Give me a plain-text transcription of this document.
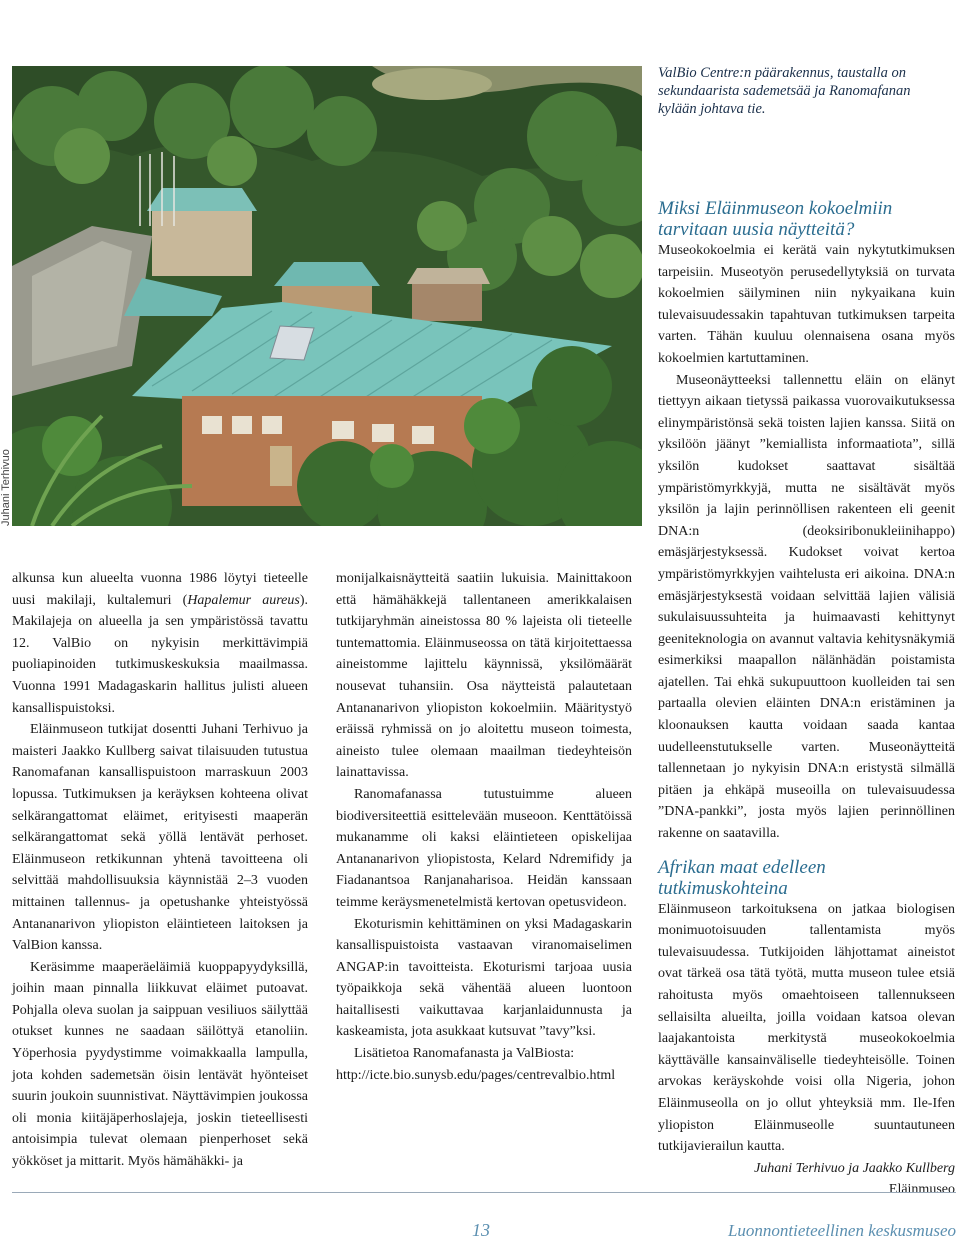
Juhani Terhivuo
ValBio Centre:n päärakennus, taustalla on sekundaarista sademetsää ja Ranomafanan kylään johtava tie.

alkunsa kun alueelta vuonna 1986 löytyi tieteelle uusi makilaji, kultalemuri (Hapalemur aureus). Makilajeja on alueella ja sen ympäristössä tavattu 12. ValBio on nykyisin merkittävimpiä puoliapinoiden tutkimuskeskuksia maailmassa. Vuonna 1991 Madagaskarin hallitus julisti alueen kansallispuistoksi.

Eläinmuseon tutkijat dosentti Juhani Terhivuo ja maisteri Jaakko Kullberg saivat tilaisuuden tutustua Ranomafanan kansallispuistoon marraskuun 2003 lopussa. Tutkimuksen ja keräyksen kohteena olivat selkärangattomat eläimet, erityisesti maaperän selkärangattomat sekä yöllä lentävät perhoset. Eläinmuseon retkikunnan yhtenä tavoitteena oli selvittää mahdollisuuksia käynnistää 2–3 vuoden mittainen tallennus- ja opetushanke yhteistyössä Antananarivon yliopiston eläintieteen laitoksen ja ValBion kanssa.

Keräsimme maaperäeläimiä kuoppapyydyksillä, joihin maan pinnalla liikkuvat eläimet putoavat. Pohjalla oleva suolan ja saippuan vesiliuos säilyttää otukset kunnes ne saadaan säilöttyä etanoliin. Yöperhosia pyydystimme voimakkaalla lampulla, jota kohden sademetsän öisin lentävät hyönteiset suurin joukoin suunnistivat. Näyttävimpien joukossa oli monia kiitäjäperhoslajeja, joskin tieteellisesti antoisimpia tulevat olemaan pienperhoset sekä yökköset ja mittarit. Myös hämähäkki- ja

monijalkaisnäytteitä saatiin lukuisia. Mainittakoon että hämähäkkejä tallentaneen amerikkalaisen tutkijaryhmän aineistossa 80 % lajeista oli tieteelle tuntemattomia. Eläinmuseossa on tätä kirjoitettaessa aineistomme lajittelu käynnissä, yksilömäärät nousevat tuhansiin. Osa näytteistä palautetaan Antananarivon yliopiston kokoelmiin. Määritystyö eräissä ryhmissä on jo aloitettu museon toimesta, aineisto tulee olemaan maailman tiedeyhteisön lainattavissa.

Ranomafanassa tutustuimme alueen biodiversiteettiä esittelevään museoon. Kenttätöissä mukanamme oli kaksi eläintieteen opiskelijaa Antananarivon yliopistosta, Kelard Ndremifidy ja Fiadanantsoa Ranjanaharisoa. Heidän kanssaan teimme keräysmenetelmistä kertovan opetusvideon.

Ekoturismin kehittäminen on yksi Madagaskarin kansallispuistoista vastaavan viranomaiselimen ANGAP:in tavoitteista. Ekoturismi tarjoaa uusia työpaikkoja sekä vähentää alueen luontoon haitallisesti vaikuttavaa karjanlaidunnusta ja kaskeamista, jota asukkaat kutsuvat ”tavy”ksi.

Lisätietoa Ranomafanasta ja ValBiosta: http://icte.bio.sunysb.edu/pages/centrevalbio.html

Miksi Eläinmuseon kokoelmiin tarvitaan uusia näytteitä?

Museokokoelmia ei kerätä vain nykytutkimuksen tarpeisiin. Museotyön perusedellytyksiä on turvata kokoelmien säilyminen niin nykyaikana kuin tulevaisuudessakin tapahtuvan tutkimuksen tarpeita varten. Tähän kuuluu olennaisena osana myös kokoelmien kartuttaminen.

Museonäytteeksi tallennettu eläin on elänyt tiettyyn aikaan tietyssä paikassa vuorovaikutuksessa elinympäristönsä sekä toisten lajien kanssa. Siitä on yksilöön jäänyt ”kemiallista informaatiota”, sillä yksilön kudokset saattavat sisältää ympäristömyrkkyjä, mutta ne sisältävät myös yksilön ja lajin perinnöllisen rakenteen eli geenit DNA:n (deoksiribonukleiinihappo) emäsjärjestyksessä. Kudokset voivat kertoa ympäristömyrkkyjen vaihtelusta eri aikoina. DNA:n emäsjärjestyksestä voidaan selvittää lajien välisiä sukulaisuussuhteita ja huimaavasti kehittynyt geeniteknologia on avannut valtavia kehitysnäkymiä esimerkiksi maapallon nälänhädän poistamista ajatellen. Tai ehkä sukupuuttoon kuolleiden tai sen partaalla olevien eläinten DNA:n eristäminen ja kloonauksen kautta voidaan saada kantaa uudelleenstutukselle varten. Museonäytteitä tallennetaan jo nykyisin DNA:n eristystä silmällä pitäen ja ehkäpä museoilla on tulevaisuudessa ”DNA-pankki”, josta myös lajien perinnöllinen rakenne on saatavilla.

Afrikan maat edelleen tutkimuskohteina

Eläinmuseon tarkoituksena on jatkaa biologisen monimuotoisuuden tallentamista myös tulevaisuudessa. Tutkijoiden lähjottamat aineistot ovat tärkeä osa tätä työtä, mutta museon tulee etsiä rahoitusta myös omaehtoiseen tallennukseen sellaisilta alueilta, joilla voidaan katsoa olevan laajakantoista merkitystä museokokoelmia käyttävälle kansainväliselle tiedeyhteisölle. Toinen arvokas keräyskohde voisi olla Nigeria, johon Eläinmuseolla on jo ollut yhteyksiä mm. Ile-Ifen yliopiston Eläinmuseolle suuntautuneen tutkijavierailun kautta.

Juhani Terhivuo ja Jaakko Kullberg

Eläinmuseo

13	Luonnontieteellinen keskusmuseo
